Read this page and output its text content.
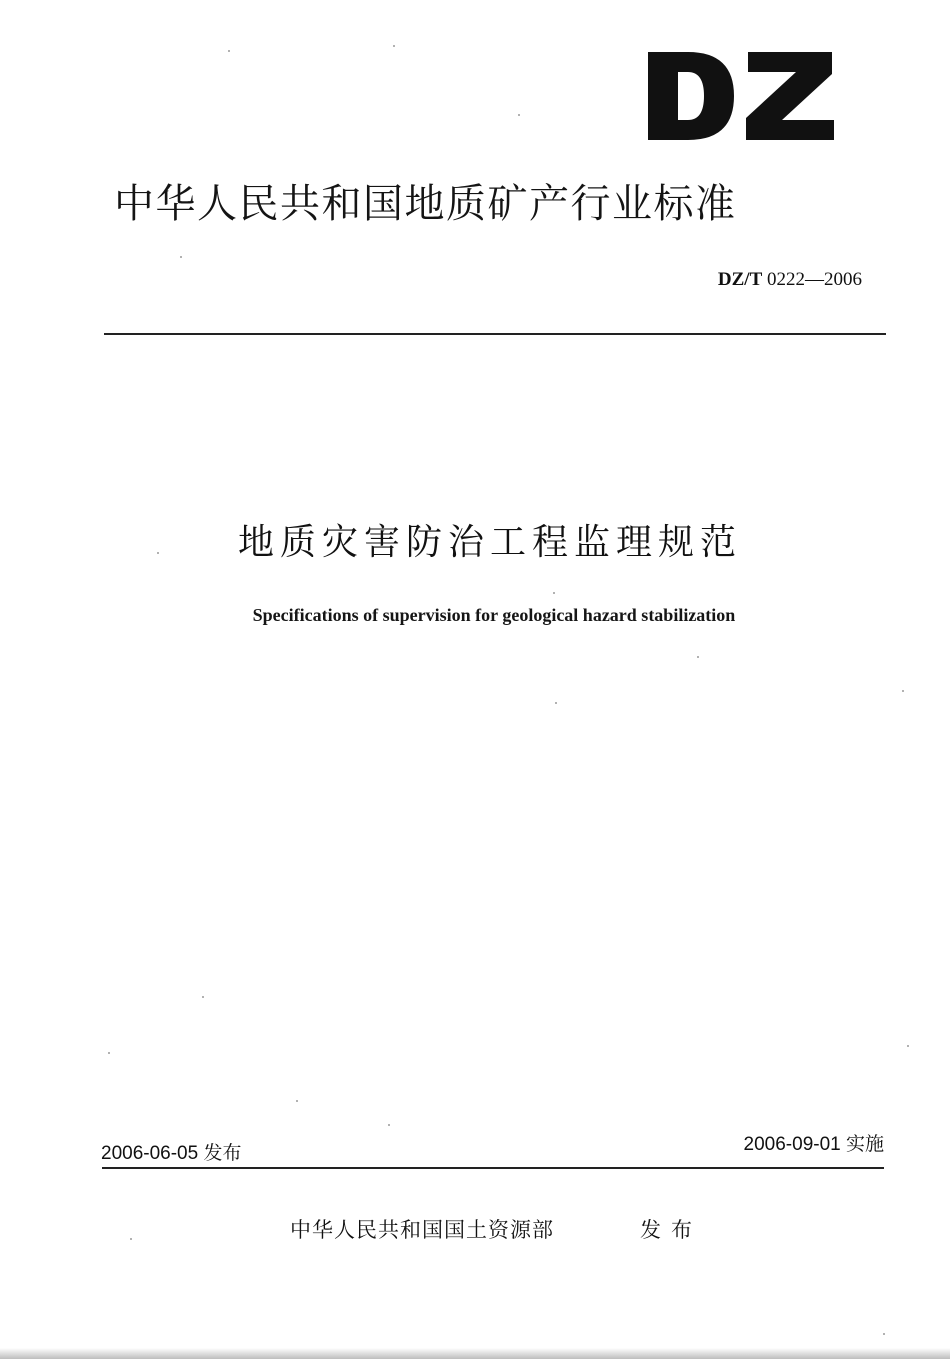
中华人民共和国地质矿产行业标准
DZ/T 0222—2006
地质灾害防治工程监理规范
Specifications of supervision for geological hazard stabilization
2006-06-05 发布	2006-09-01 实施
中华人民共和国国土资源部	发布
